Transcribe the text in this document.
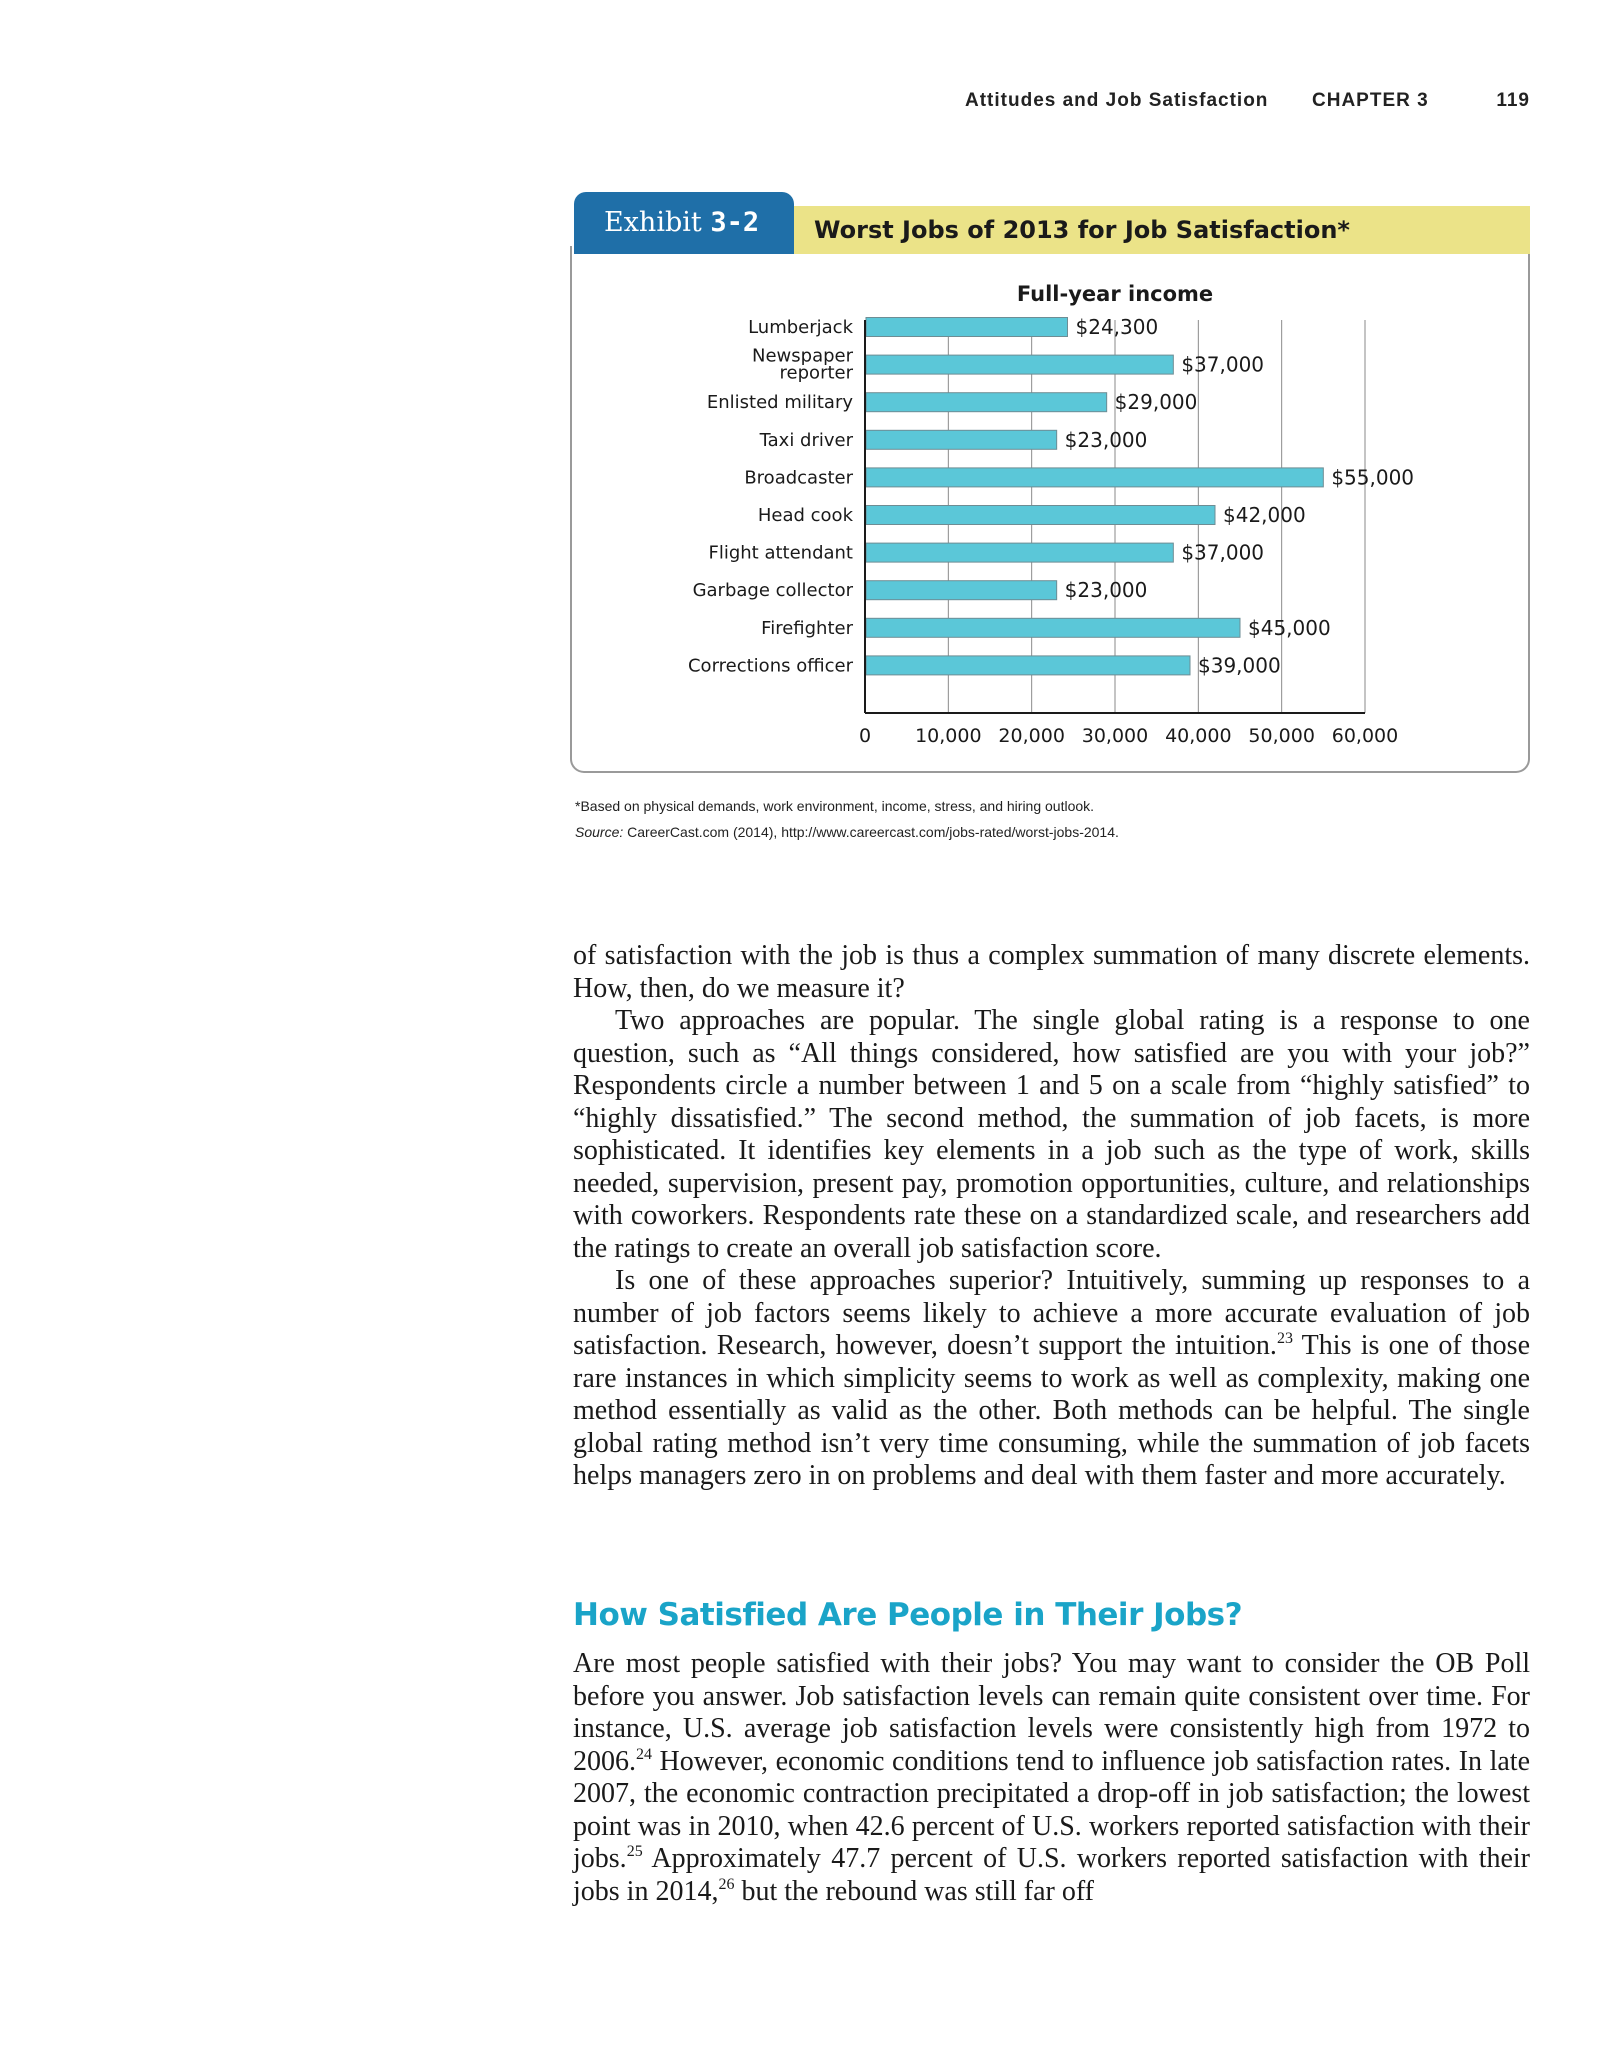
Attitudes and Job Satisfaction CHAPTER 3	119
Worst Jobs of 2013 for Job Satisfaction*
Exhibit 3-2
Full-year income
$24,300
Lumberjack
$37,000
Newspaper reporter
$29,000
Enlisted military
$23,000
Taxi driver
$55,000
Broadcaster
$42,000
Head cook
$37,000
Flight attendant
$23,000
Garbage collector
$45,000
Firefighter
$39,000
Corrections officer
0 10,000 20,000 30,000 40,000 50,000 60,000
*Based on physical demands, work environment, income, stress, and hiring outlook.
Source: CareerCast.com (2014), http://www.careercast.com/jobs-rated/worst-jobs-2014.

of satisfaction with the job is thus a complex summation of many discrete elements. How, then, do we measure it?

Two approaches are popular. The single global rating is a response to one question, such as “All things considered, how satisfied are you with your job?” Respondents circle a number between 1 and 5 on a scale from “highly satisfied” to “highly dissatisfied.” The second method, the summation of job facets, is more sophisticated. It identifies key elements in a job such as the type of work, skills needed, supervision, present pay, promotion opportunities, culture, and relationships with coworkers. Respondents rate these on a standardized scale, and researchers add the ratings to create an overall job satisfaction score.

Is one of these approaches superior? Intuitively, summing up responses to a number of job factors seems likely to achieve a more accurate evaluation of job satisfaction. Research, however, doesn’t support the intuition.$^{23}$ This is one of those rare instances in which simplicity seems to work as well as complexity, making one method essentially as valid as the other. Both methods can be helpful. The single global rating method isn’t very time consuming, while the summation of job facets helps managers zero in on problems and deal with them faster and more accurately.

How Satisfied Are People in Their Jobs?

Are most people satisfied with their jobs? You may want to consider the OB Poll before you answer. Job satisfaction levels can remain quite consistent over time. For instance, U.S. average job satisfaction levels were consistently high from 1972 to 2006.24 However, economic conditions tend to influence job satisfaction rates. In late 2007, the economic contraction precipitated a drop-off in job satisfaction; the lowest point was in 2010, when 42.6 percent of U.S. workers reported satisfaction with their jobs.$^{25}$ Approximately 47.7 percent of U.S. workers reported satisfaction with their jobs in 2014,26 but the rebound was still far off
